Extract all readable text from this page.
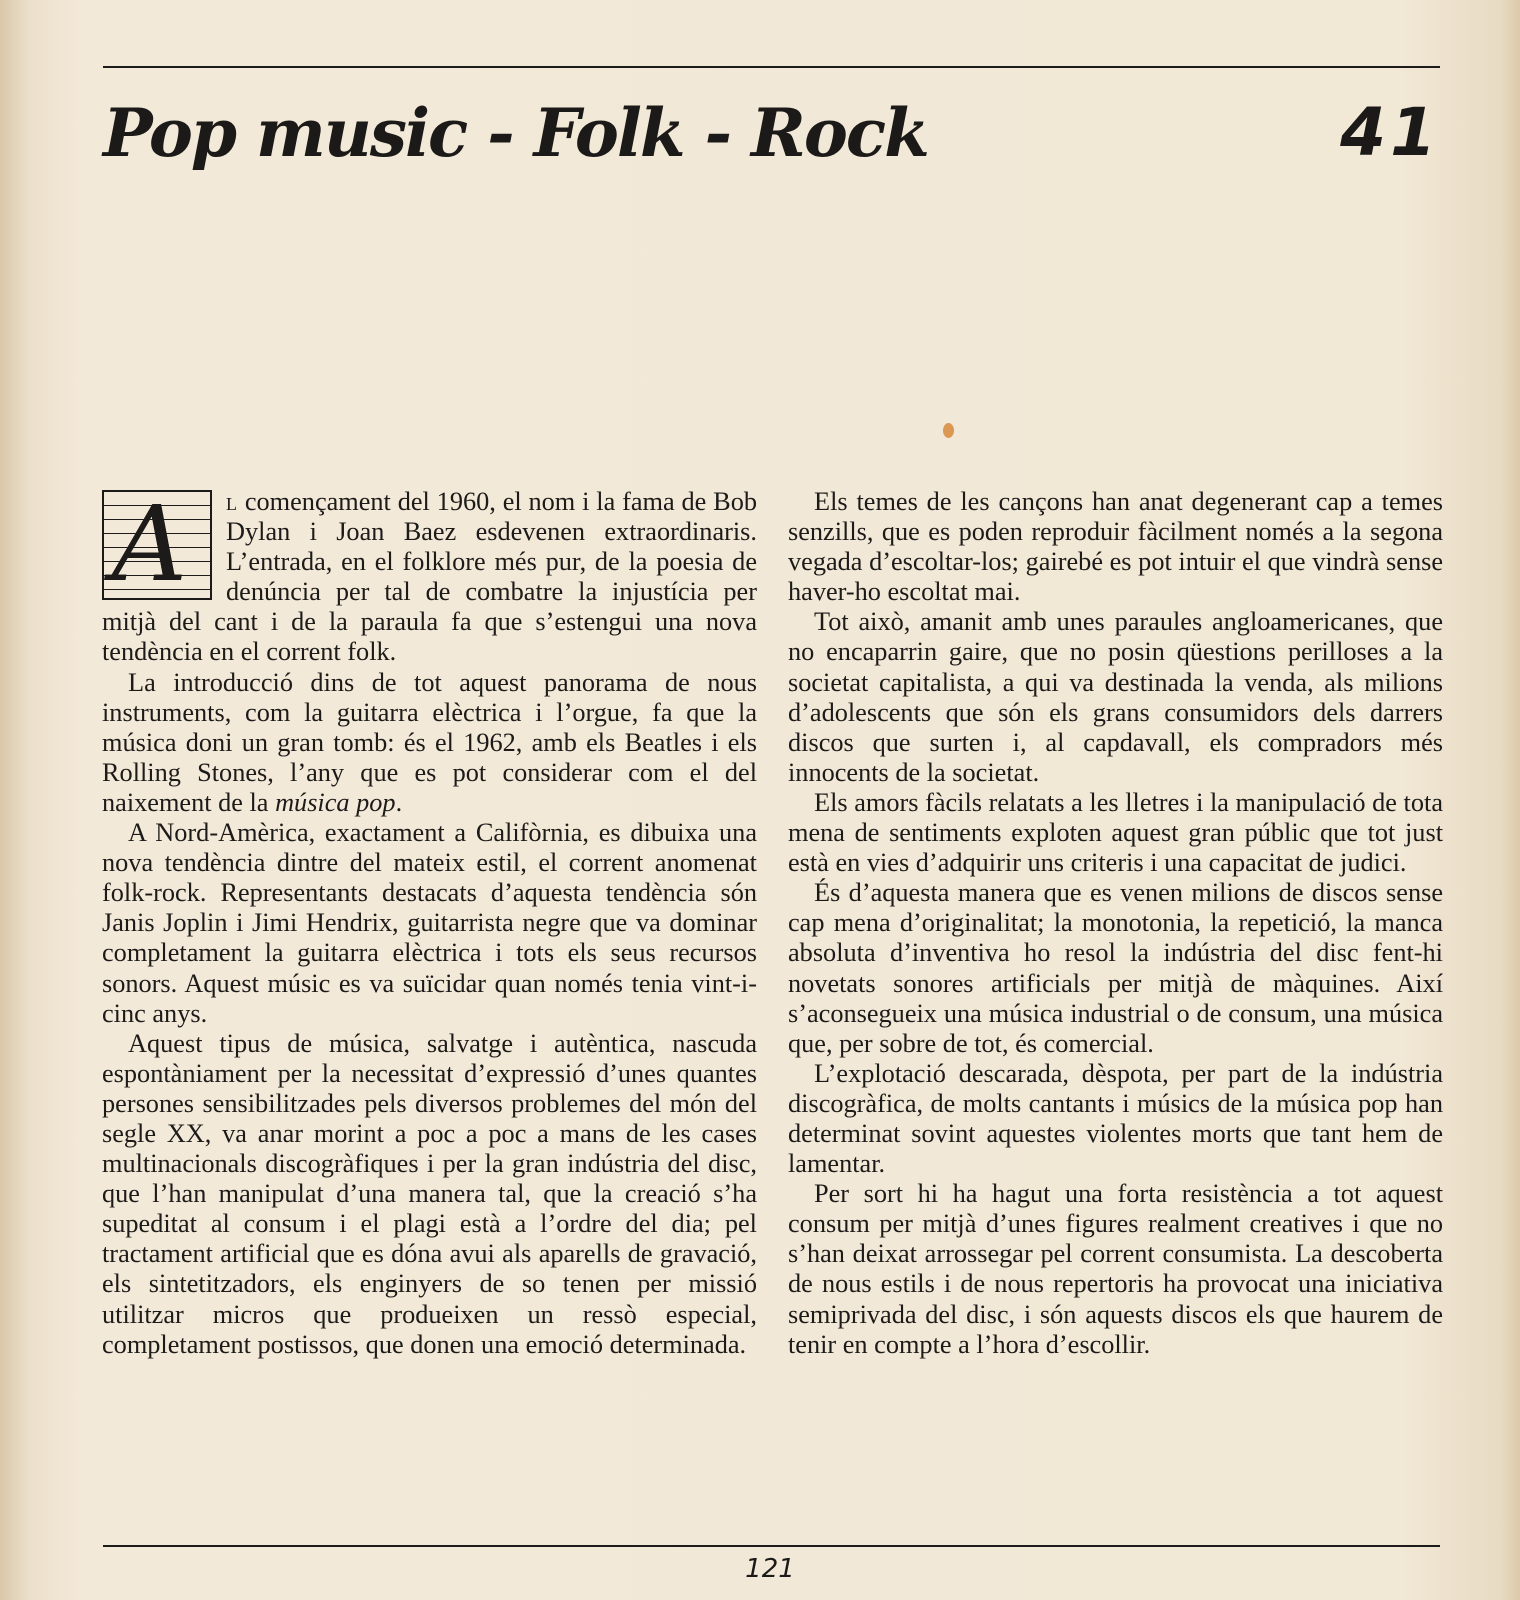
Pop music - Folk - Rock	41

A l començament del 1960, el nom i la fama de Bob Dylan i Joan Baez esdevenen extraordinaris. L’entrada, en el folklore més pur, de la poesia de denúncia per tal de combatre la injustícia per mitjà del cant i de la paraula fa que s’estengui una nova tendència en el corrent folk.

La introducció dins de tot aquest panorama de nous instruments, com la guitarra elèctrica i l’orgue, fa que la música doni un gran tomb: és el 1962, amb els Beatles i els Rolling Stones, l’any que es pot considerar com el del naixement de la música pop.

A Nord-Amèrica, exactament a Califòrnia, es dibuixa una nova tendència dintre del mateix estil, el corrent anomenat folk-rock. Representants destacats d’aquesta tendència són Janis Joplin i Jimi Hendrix, guitarrista negre que va dominar completament la guitarra elèctrica i tots els seus recursos sonors. Aquest músic es va suïcidar quan només tenia vint-i-cinc anys.

Aquest tipus de música, salvatge i autèntica, nascuda espontàniament per la necessitat d’expressió d’unes quantes persones sensibilitzades pels diversos problemes del món del segle XX, va anar morint a poc a poc a mans de les cases multinacionals discogràfiques i per la gran indústria del disc, que l’han manipulat d’una manera tal, que la creació s’ha supeditat al consum i el plagi està a l’ordre del dia; pel tractament artificial que es dóna avui als aparells de gravació, els sintetitzadors, els enginyers de so tenen per missió utilitzar micros que produeixen un ressò especial, completament postissos, que donen una emoció determinada.

Els temes de les cançons han anat degenerant cap a temes senzills, que es poden reproduir fàcilment només a la segona vegada d’escoltar-los; gairebé es pot intuir el que vindrà sense haver-ho escoltat mai.

Tot això, amanit amb unes paraules angloamericanes, que no encaparrin gaire, que no posin qüestions perilloses a la societat capitalista, a qui va destinada la venda, als milions d’adolescents que són els grans consumidors dels darrers discos que surten i, al capdavall, els compradors més innocents de la societat.

Els amors fàcils relatats a les lletres i la manipulació de tota mena de sentiments exploten aquest gran públic que tot just està en vies d’adquirir uns criteris i una capacitat de judici.

És d’aquesta manera que es venen milions de discos sense cap mena d’originalitat; la monotonia, la repetició, la manca absoluta d’inventiva ho resol la indústria del disc fent-hi novetats sonores artificials per mitjà de màquines. Així s’aconsegueix una música industrial o de consum, una música que, per sobre de tot, és comercial.

L’explotació descarada, dèspota, per part de la indústria discogràfica, de molts cantants i músics de la música pop han determinat sovint aquestes violentes morts que tant hem de lamentar.

Per sort hi ha hagut una forta resistència a tot aquest consum per mitjà d’unes figures realment creatives i que no s’han deixat arrossegar pel corrent consumista. La descoberta de nous estils i de nous repertoris ha provocat una iniciativa semiprivada del disc, i són aquests discos els que haurem de tenir en compte a l’hora d’escollir.

121
